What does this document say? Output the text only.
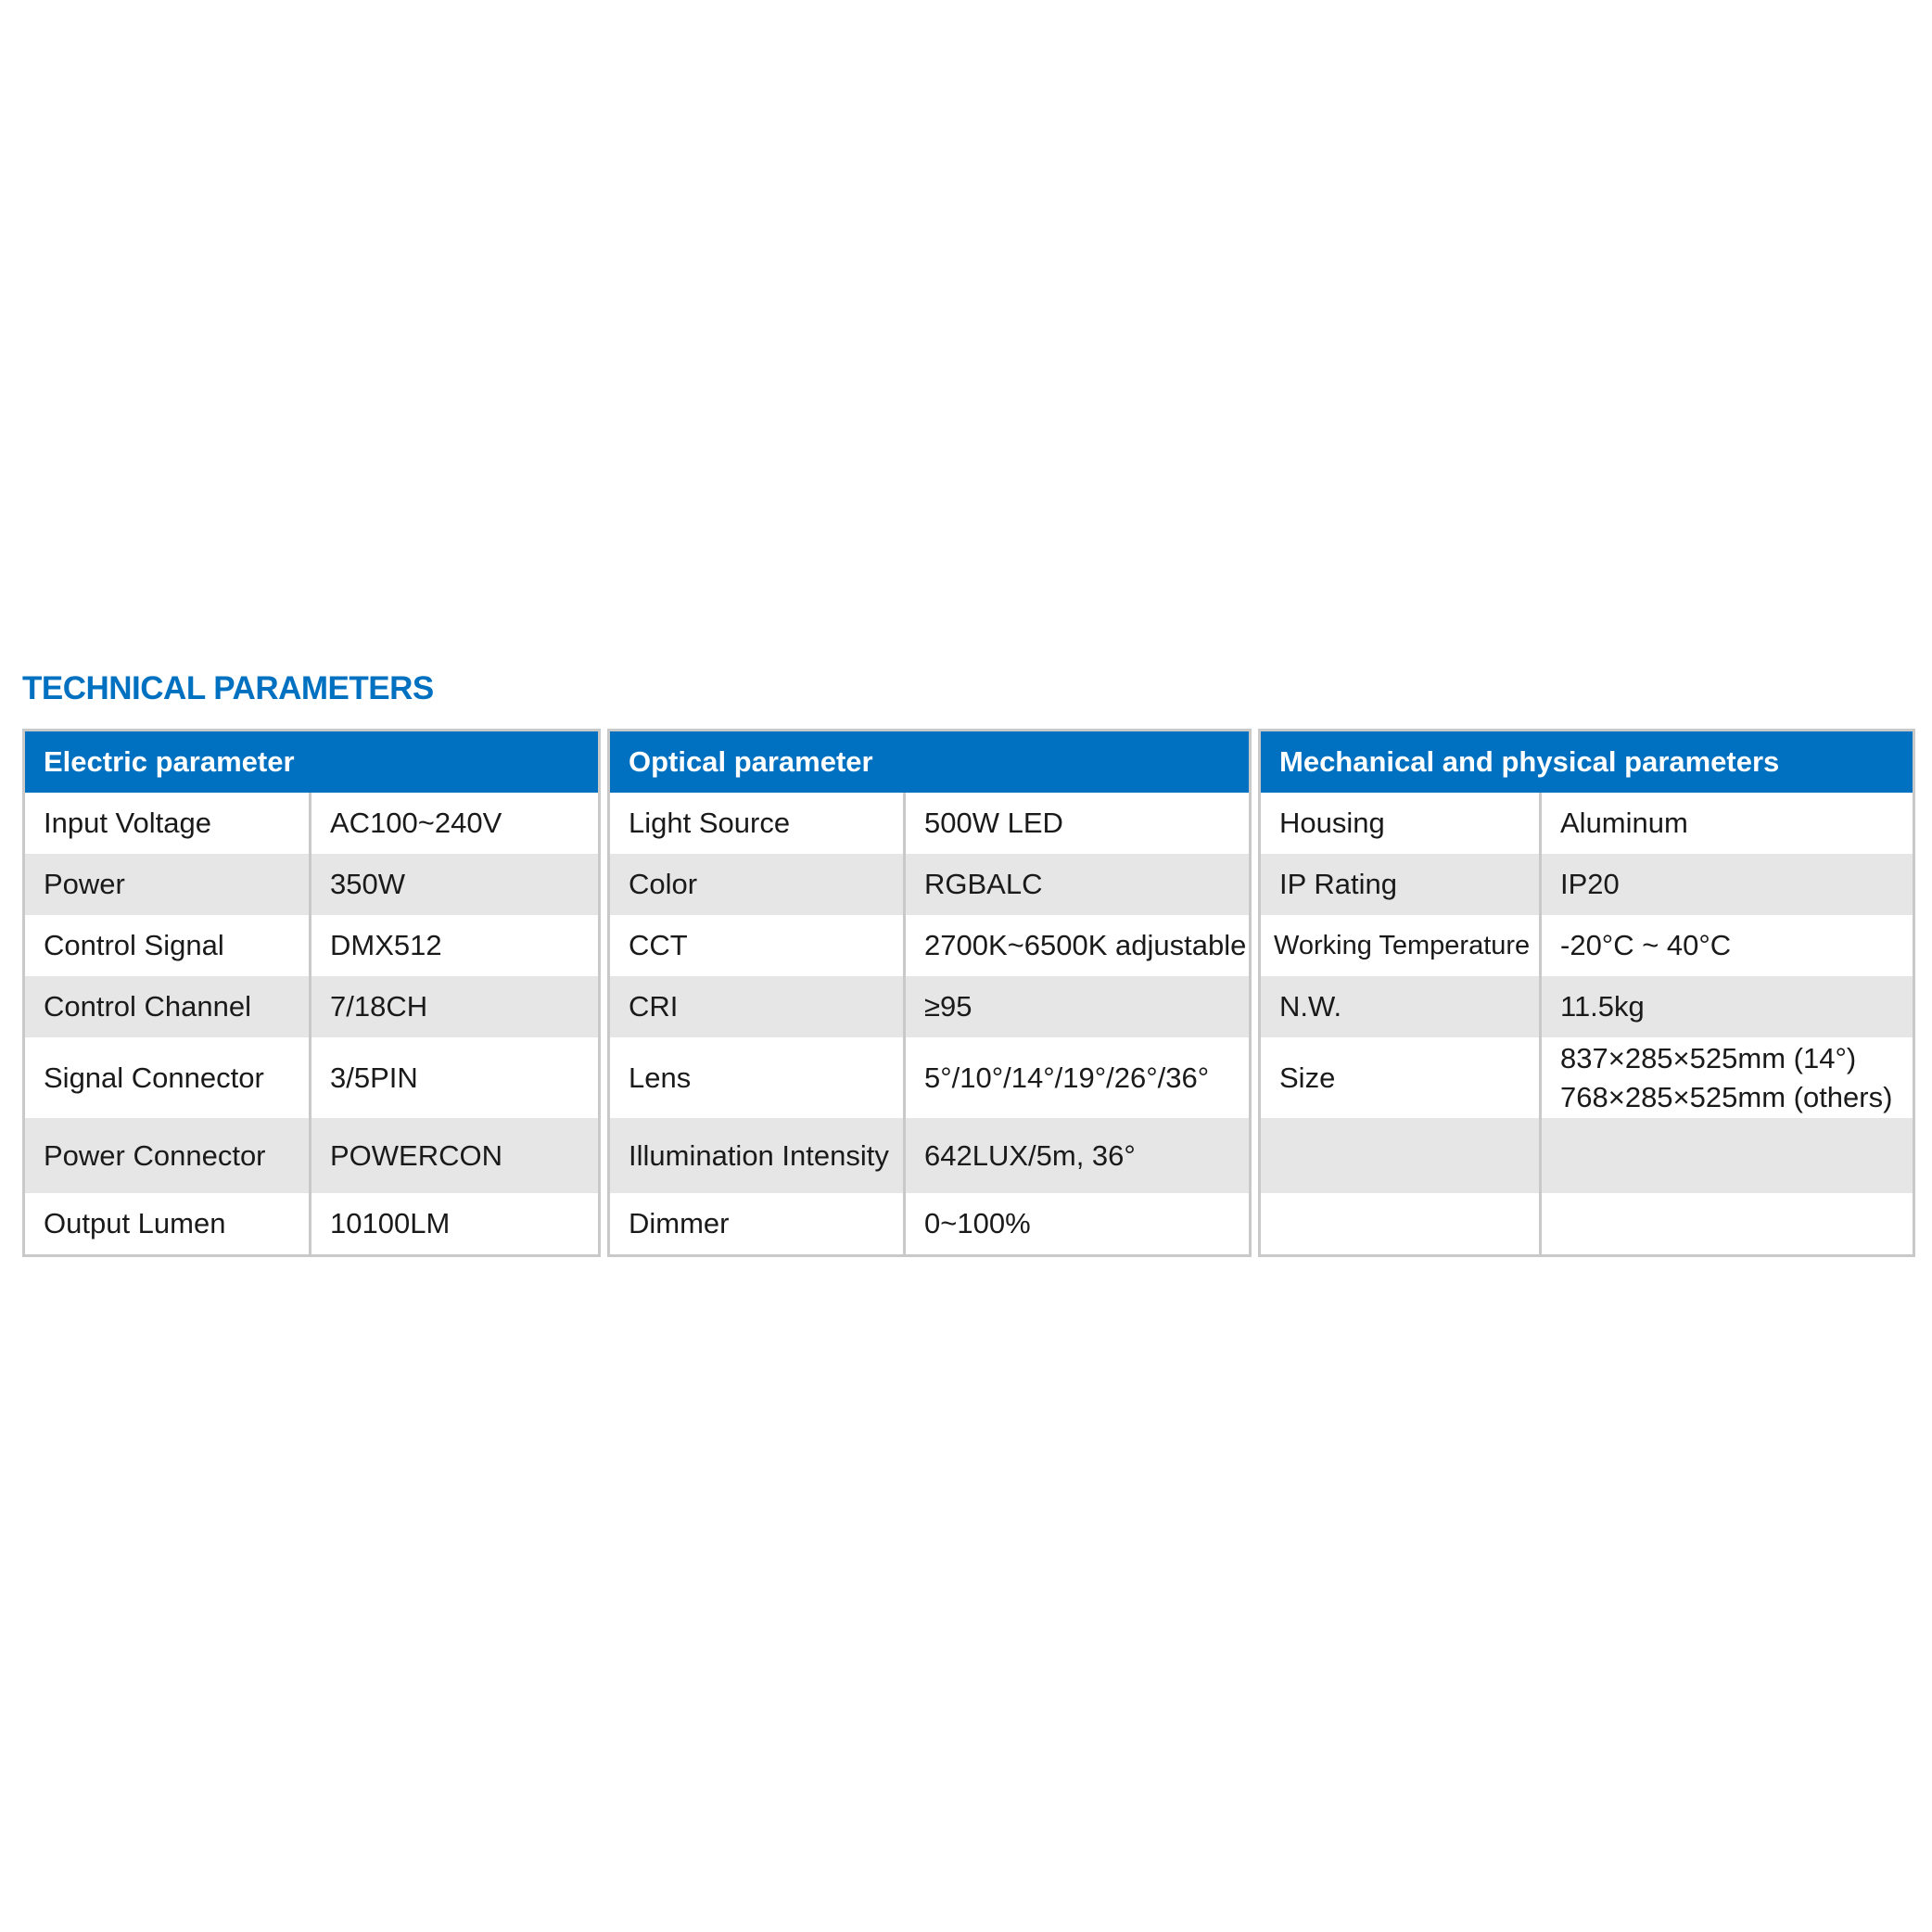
TECHNICAL PARAMETERS
Electric parameter	
Input Voltage	AC100~240V
Power	350W
Control Signal	DMX512
Control Channel	7/18CH
Signal Connector	3/5PIN
Power Connector	POWERCON
Output Lumen	10100LM
Optical parameter	
Light Source	500W LED
Color	RGBALC
CCT	2700K~6500K adjustable
CRI	≥95
Lens	5°/10°/14°/19°/26°/36°
Illumination Intensity	642LUX/5m, 36°
Dimmer	0~100%
Mechanical and physical parameters	
Housing	Aluminum
IP Rating	IP20
Working Temperature	-20°C ~ 40°C
N.W.	11.5kg
Size	837×285×525mm (14°)
768×285×525mm (others)
